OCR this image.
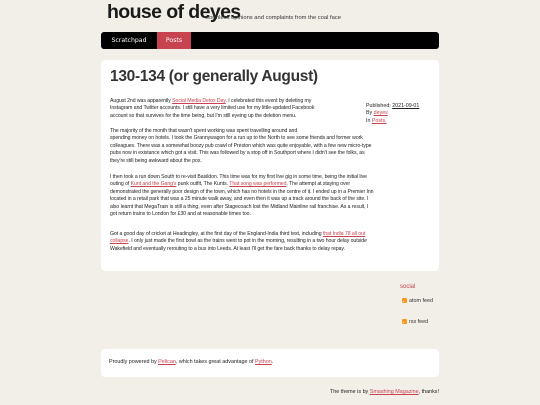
house of deyes
worthless opinions and complaints from the coal face
Scratchpad	Posts
130-134 (or generally August)
Published: 2021-09-01
By deyes
In Posts.
August 2nd was apparently Social Media Detox Day. I celebrated this event by deleting my
Instagram and Twitter accounts. I still have a very limited use for my little-updated Facebook
account so that survives for the time being, but I'm still eyeing up the deletion menu.
The majority of the month that wasn't spent working was spent travelling around and
spending money on hotels. I took the Grannywagon for a run up to the North to see some friends and former work
colleagues. There was a somewhat boozy pub crawl of Preston which was quite enjoyable, with a few new micro-type
pubs now in existance which got a visit. This was followed by a stop off in Southport where I didn't see the folks, as
they're still being awkward about the pox.
I then took a run down South to re-visit Basildon. This time was for my first live gig in some time, being the initial live
outing of Kunt and the Gang's punk outfit, The Kunts. That song was performed. The attempt at staying over
demonstrated the generally poor design of the town, which has no hotels in the centre of it. I ended up in a Premier Inn
located in a retail park that was a 25 minute walk away, and even then it was up a track around the back of the site. I
also learnt that MegaTrain is still a thing, even after Stagecoach lost the Midland Mainline rail franchise. As a result, I
got return trains to London for £30 and at reasonable times too.
Got a good day of cricket at Headingley, at the first day of the England-India third test, including that India 78 all out
collapse. I only just made the first bowl as the trains went to pot in the morning, resulting in a two hour delay outside
Wakefield and eventually rerouting to a bus into Leeds. At least I'll get the fare back thanks to delay repay.
social
atom feed
rss feed
Proudly powered by Pelican, which takes great advantage of Python.
The theme is by Smashing Magazine, thanks!
